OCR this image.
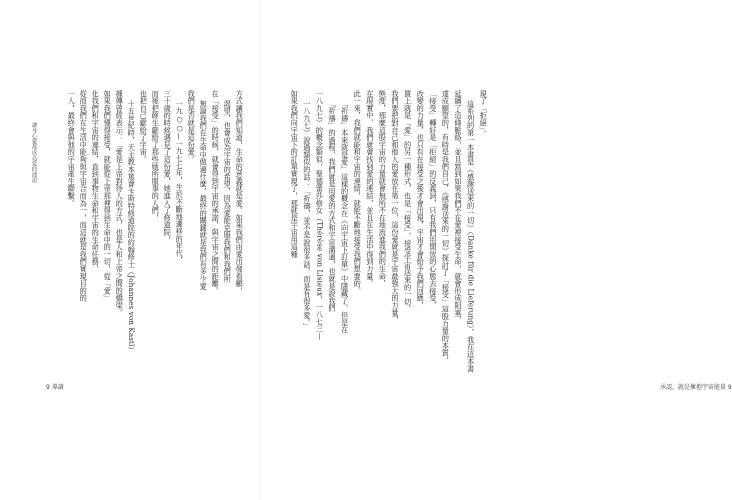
讓身心靈都成為愛的通道	方式讓我們知道，生命的意義就是愛。如果我們由愛出發看顧，
渴望，也會成為宇宙的希望，因為愛能克服我們和我們所
在「接受」的時候，就會得到宇宙的承諾，與宇宙之間的距離。
無論我們在生命中做過什麼，最終的關鍵就是我們有多少愛
我們是否就是這份愛。
一九○○—一九七七年，生於不斷地遷移的年代，
三十歲的時候遇見了這份愛，她進入了修道院，
而後把餘生獻給了那些她所服事的人們，
也把自己獻給了宇宙。
十五世紀時，天主教本篤會卡斯特修道院的約翰修士（Johannes von Kastl）
據傳曾經表示：「愛是上帝對待人的方式，也是人和上帝之間的橋梁。
如果我們懂得接受，就能從上帝那裡得到生命中的一切，從「愛」
化我們和宇宙的連結，直到事物生命和宇宙的生命任務，
從而我們在生活中能夠與宇宙合而為一，而這就是我們實現目的的
一人，最終會與他的宇宙產生聯繫。
9 導讀
現了「拒絕」。
這系列的第一本書是《感謝送來的一切》（Danke für die Lieferung），我在這本書
延續了這條脈絡，並且寫到如果我們不在愛裡接受生命，就會形成阻塞，
達成願望的，有時是我們自己，《感謝送來的一切》探討了「接受」這股力量的本質，
「接受」轉好是「拒絕」的反義詞，只有我們用開放的心態去接受，
改變的力量，也只有在接受之後才會出現，宇宙才會給予我們回應，
賈上就是「愛」的另一種形式，也是「接受」，接受宇宙送來的一切，
我們要把對自己和他人的愛放在第一位，這份愛就是宇宙最強大的力量，
態度，那麼這股宇宙的力量就會無所不在地流進我們的生命，
在現實中，我們就會找到愛的連結，並且在生活中得到力量。
此一來，我們就能和宇宙的連結，就能不斷地接受我們想要的。
「祈禱」本來就是愛」這樣的概念在《向宇宙下訂單》中隱藏了，但是在
「祈禱」的過程，我們就是用愛的方式和宇宙溝通，也就是說我們
一八九七）的概念類似，聖德蕾莎修女（Thérèse von Lisieux，一八七三—
一八九七）說過類似的話：「祈禱，並不是說很多話，而是有很多愛。」
如果我們向宇宙下的訂單實現了，那就是宇宙用這種
承認，就是擁抱宇宙能量 9
